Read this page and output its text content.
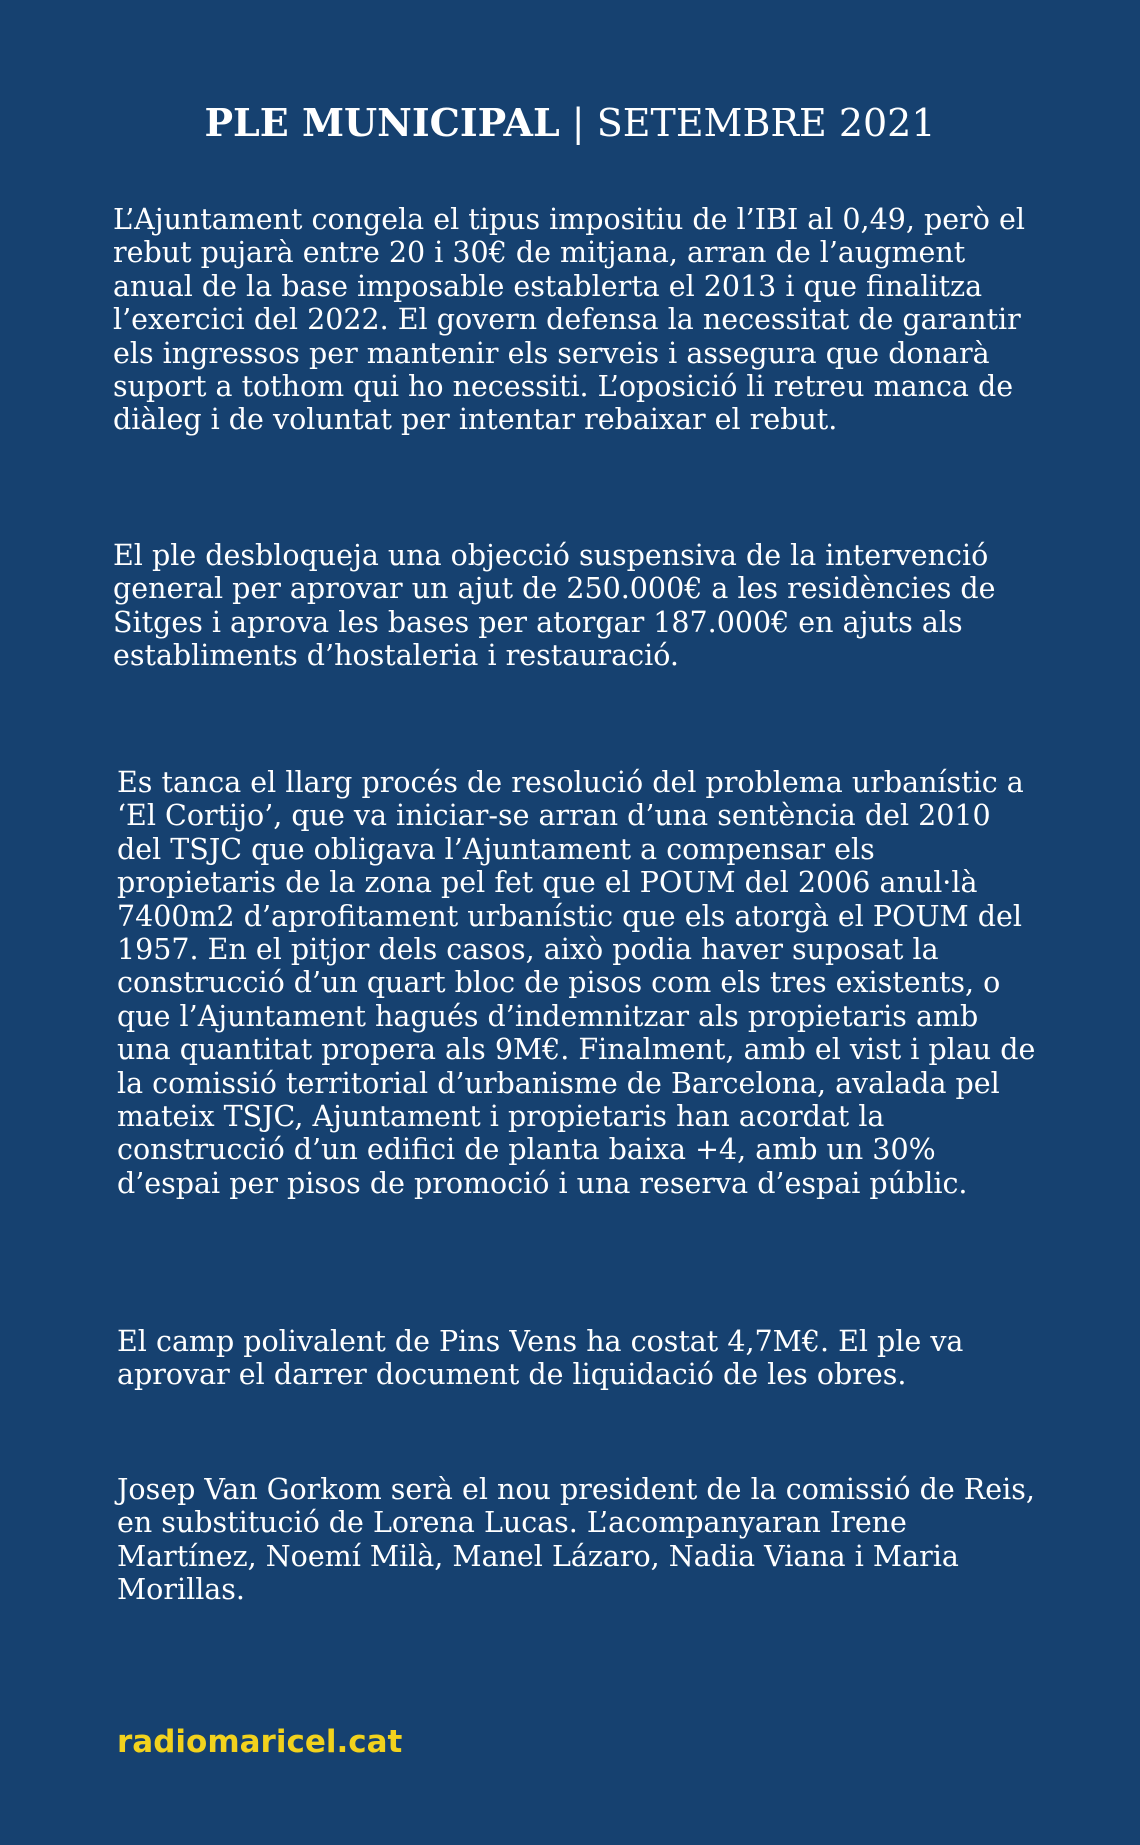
PLE MUNICIPAL | SETEMBRE 2021

L’Ajuntament congela el tipus impositiu de l’IBI al 0,49, però el rebut pujarà entre 20 i 30€ de mitjana, arran de l’augment anual de la base imposable establerta el 2013 i que finalitza l’exercici del 2022. El govern defensa la necessitat de garantir els ingressos per mantenir els serveis i assegura que donarà suport a tothom qui ho necessiti. L’oposició li retreu manca de diàleg i de voluntat per intentar rebaixar el rebut.

El ple desbloqueja una objecció suspensiva de la intervenció general per aprovar un ajut de 250.000€ a les residències de Sitges i aprova les bases per atorgar 187.000€ en ajuts als establiments d’hostaleria i restauració.

Es tanca el llarg procés de resolució del problema urbanístic a ‘El Cortijo’, que va iniciar-se arran d’una sentència del 2010 del TSJC que obligava l’Ajuntament a compensar els propietaris de la zona pel fet que el POUM del 2006 anul·là 7400m2 d’aprofitament urbanístic que els atorgà el POUM del 1957. En el pitjor dels casos, això podia haver suposat la construcció d’un quart bloc de pisos com els tres existents, o que l’Ajuntament hagués d’indemnitzar als propietaris amb una quantitat propera als 9M€. Finalment, amb el vist i plau de la comissió territorial d’urbanisme de Barcelona, avalada pel mateix TSJC, Ajuntament i propietaris han acordat la construcció d’un edifici de planta baixa +4, amb un 30% d’espai per pisos de promoció i una reserva d’espai públic.

El camp polivalent de Pins Vens ha costat 4,7M€. El ple va aprovar el darrer document de liquidació de les obres.

Josep Van Gorkom serà el nou president de la comissió de Reis, en substitució de Lorena Lucas. L’acompanyaran Irene Martínez, Noemí Milà, Manel Lázaro, Nadia Viana i Maria Morillas.

radiomaricel.cat
